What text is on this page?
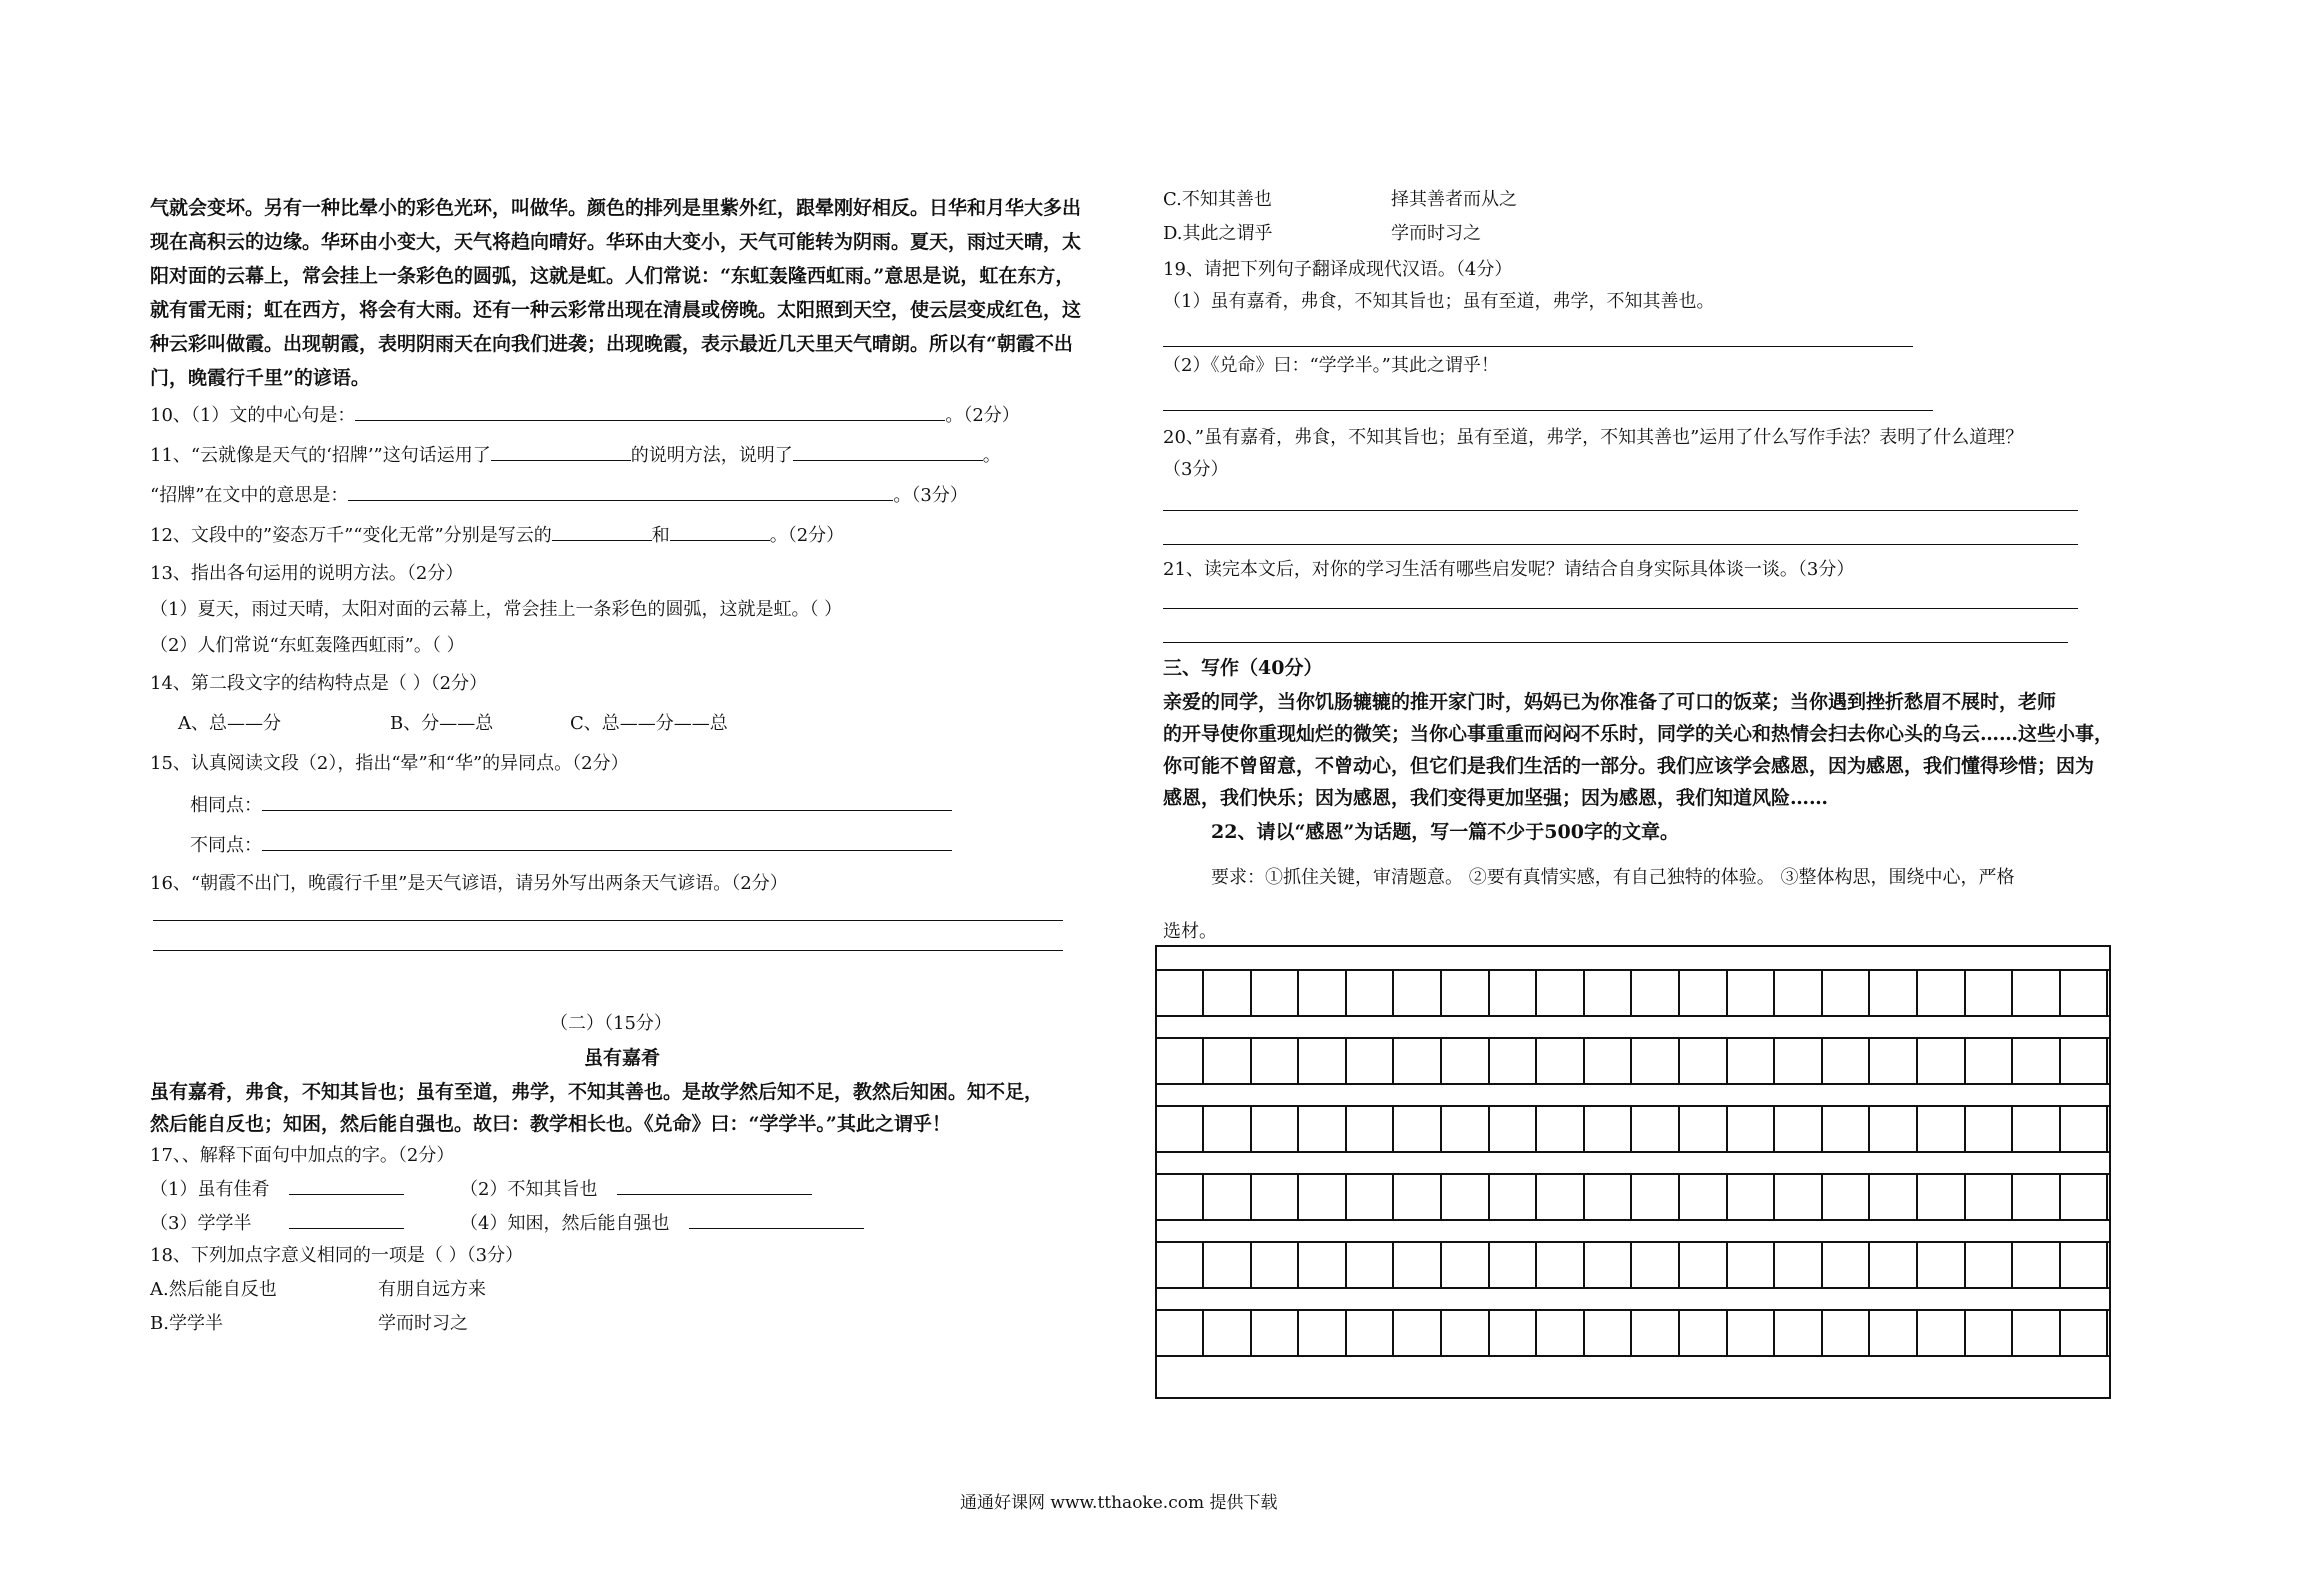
气就会变坏。另有一种比晕小的彩色光环，叫做华。颜色的排列是里紫外红，跟晕刚好相反。日华和月华大多出
现在高积云的边缘。华环由小变大，天气将趋向晴好。华环由大变小，天气可能转为阴雨。夏天，雨过天晴，太
阳对面的云幕上，常会挂上一条彩色的圆弧，这就是虹。人们常说：“东虹轰隆西虹雨。”意思是说，虹在东方，
就有雷无雨；虹在西方，将会有大雨。还有一种云彩常出现在清晨或傍晚。太阳照到天空，使云层变成红色，这
种云彩叫做霞。出现朝霞，表明阴雨天在向我们进袭；出现晚霞，表示最近几天里天气晴朗。所以有“朝霞不出
门，晚霞行千里”的谚语。
10、（1）文的中心句是：	。（2分）
11、“云就像是天气的‘招牌’”这句话运用了	的说明方法，说明了	。
“招牌”在文中的意思是：	。（3分）
12、文段中的”姿态万千”“变化无常”分别是写云的	和	。（2分）
13、指出各句运用的说明方法。（2分）
（1）夏天，雨过天晴，太阳对面的云幕上，常会挂上一条彩色的圆弧，这就是虹。（ ）
（2）人们常说“东虹轰隆西虹雨”。（ ）
14、第二段文字的结构特点是（ ）（2分）
A、总——分	B、分——总	C、总——分——总
15、认真阅读文段（2），指出“晕”和“华”的异同点。（2分）
相同点：
不同点：
16、“朝霞不出门，晚霞行千里”是天气谚语，请另外写出两条天气谚语。（2分）
（二）（15分）
虽有嘉肴
虽有嘉肴，弗食，不知其旨也；虽有至道，弗学，不知其善也。是故学然后知不足，教然后知困。知不足，
然后能自反也；知困，然后能自强也。故曰：教学相长也。《兑命》曰：“学学半。”其此之谓乎！
17、、解释下面句中加点的字。（2分）
（1）虽有佳肴	（2）不知其旨也
（3）学学半	（4）知困，然后能自强也
18、下列加点字意义相同的一项是（ ）（3分）
A.然后能自反也	有朋自远方来
B.学学半	学而时习之
C.不知其善也	择其善者而从之
D.其此之谓乎	学而时习之
19、请把下列句子翻译成现代汉语。（4分）
（1）虽有嘉肴，弗食，不知其旨也；虽有至道，弗学，不知其善也。
（2）《兑命》曰：“学学半。”其此之谓乎！
20、”虽有嘉肴，弗食，不知其旨也；虽有至道，弗学，不知其善也”运用了什么写作手法？表明了什么道理？
（3分）
21、读完本文后，对你的学习生活有哪些启发呢？请结合自身实际具体谈一谈。（3分）
三、写作（40分）
亲爱的同学，当你饥肠辘辘的推开家门时，妈妈已为你准备了可口的饭菜；当你遇到挫折愁眉不展时，老师
的开导使你重现灿烂的微笑；当你心事重重而闷闷不乐时，同学的关心和热情会扫去你心头的乌云……这些小事，
你可能不曾留意，不曾动心，但它们是我们生活的一部分。我们应该学会感恩，因为感恩，我们懂得珍惜；因为
感恩，我们快乐；因为感恩，我们变得更加坚强；因为感恩，我们知道风险……
22、请以“感恩”为话题，写一篇不少于500字的文章。
要求：①抓住关键，审清题意。 ②要有真情实感，有自己独特的体验。 ③整体构思，围绕中心，严格
选材。
通通好课网 www.tthaoke.com 提供下载
